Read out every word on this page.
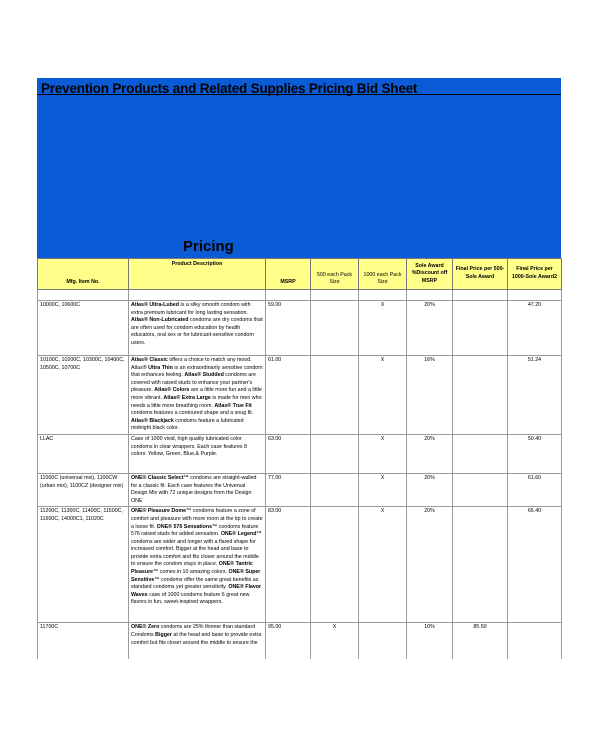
Prevention Products and Related Supplies Pricing Bid Sheet
Pricing
Mfg. Item No.	Product Description	MSRP	500 each Pack Size	1000 each Pack Size	Sole Award %Discount off MSRP	Final Price per 500-Sole Award	Final Price per 1000-Sole Award2

10000C, 10600C	Atlas® Ultra-Lubed is a silky smooth condom with extra premium lubricant for long lasting sensation. Atlas® Non-Lubricated condoms are dry condoms that are often used for condom education by health educators, oral sex or for lubricant-sensitive condom users.	59.00		X	20%		47.20
10100C, 10200C, 10300C, 10400C, 10500C, 10700C	Atlas® Classic offers a choice to match any mood. Atlas® Ultra Thin is an extraordinarily sensitive condom that enhances feeling. Atlas® Studded condoms are covered with raised studs to enhance your partner's pleasure. Atlas® Colors are a little more fun and a little more vibrant. Atlas® Extra Large is made for men who needs a little more breathing room. Atlas® True Fit condoms features a contoured shape and a snug fit. Atlas® Blackjack condoms feature a lubricated midnight black color.	61.00		X	16%		51.24
LLAC	Case of 1000 vivid, high quality lubricated color condoms in clear wrappers. Each case features 8 colors: Yellow, Green, Blue,& Purple.	63.00		X	20%		50.40
11000C (universal mix), 1100CW (urban mix), 1100CZ (designer mix)	ONE® Classic Select™ condoms are straight-walled for a classic fit. Each case features the Universal Design Mix with 72 unique designs from the Design ONE	77.00		X	20%		61.60
11200C, 11300C, 11400C, 11500C, 11600C, 14000C1, 11020C	ONE® Pleasure Dome™ condoms feature a zone of comfort and pleasure with more room at the tip to create a loose fit. ONE® 576 Sensations™ condoms feature 576 raised studs for added sensation. ONE® Legend™ condoms are wider and longer with a flared shape for increased comfort. Bigger at the head and base to provide extra comfort and fits closer around the middle to ensure the condom stays in place. ONE® Tantric Pleasure™ comes in 10 amazing colors. ONE® Super Sensitive™ condoms offer the same great benefits as standard condoms yet greater sensitivity. ONE® Flavor Waves case of 1000 condoms feature 6 great new flavors in fun, sweet-inspired wrappers.	83.00		X	20%		66.40
11700C	ONE® Zero condoms are 25% thinner than standard Condoms Bigger at the head and base to provide extra comfort but fits closer around the middle to ensure the	95.00	X		10%	85.50	
